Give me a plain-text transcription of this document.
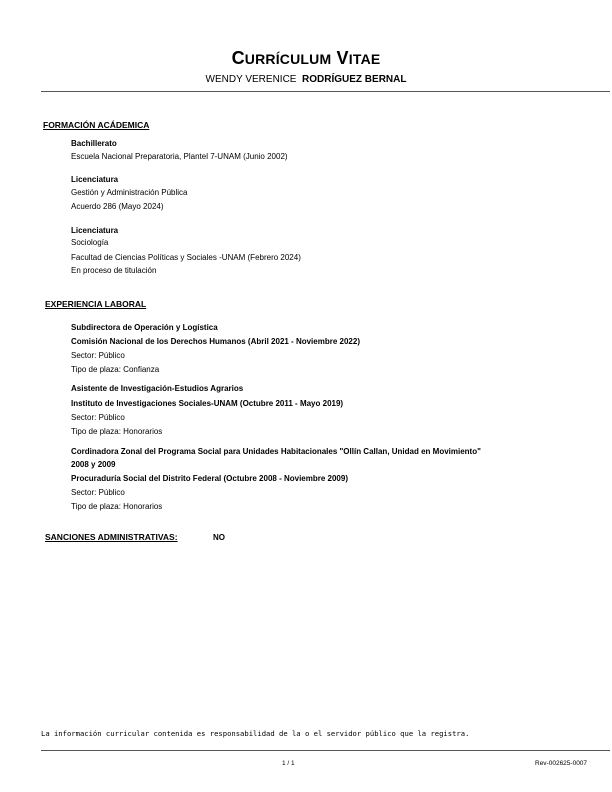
CURRÍCULUM VITAE
WENDY VERENICE RODRÍGUEZ BERNAL
FORMACIÓN ACÁDEMICA
Bachillerato
Escuela Nacional Preparatoria, Plantel 7-UNAM (Junio 2002)
Licenciatura
Gestión y Administración Pública
Acuerdo 286 (Mayo 2024)
Licenciatura
Sociología
Facultad de Ciencias Políticas y Sociales -UNAM (Febrero 2024)
En proceso de titulación
EXPERIENCIA LABORAL
Subdirectora de Operación y Logística
Comisión Nacional de los Derechos Humanos (Abril 2021 - Noviembre 2022)
Sector: Público
Tipo de plaza: Confianza
Asistente de Investigación-Estudios Agrarios
Instituto de Investigaciones Sociales-UNAM (Octubre 2011 - Mayo 2019)
Sector: Público
Tipo de plaza: Honorarios
Cordinadora Zonal del Programa Social para Unidades Habitacionales "Ollín Callan, Unidad en Movimiento"
2008 y 2009
Procuraduría Social del Distrito Federal (Octubre 2008 - Noviembre 2009)
Sector: Público
Tipo de plaza: Honorarios
SANCIONES ADMINISTRATIVAS:	NO
La información curricular contenida es responsabilidad de la o el servidor público que la registra.
1 / 1	Rev-002625-0007
